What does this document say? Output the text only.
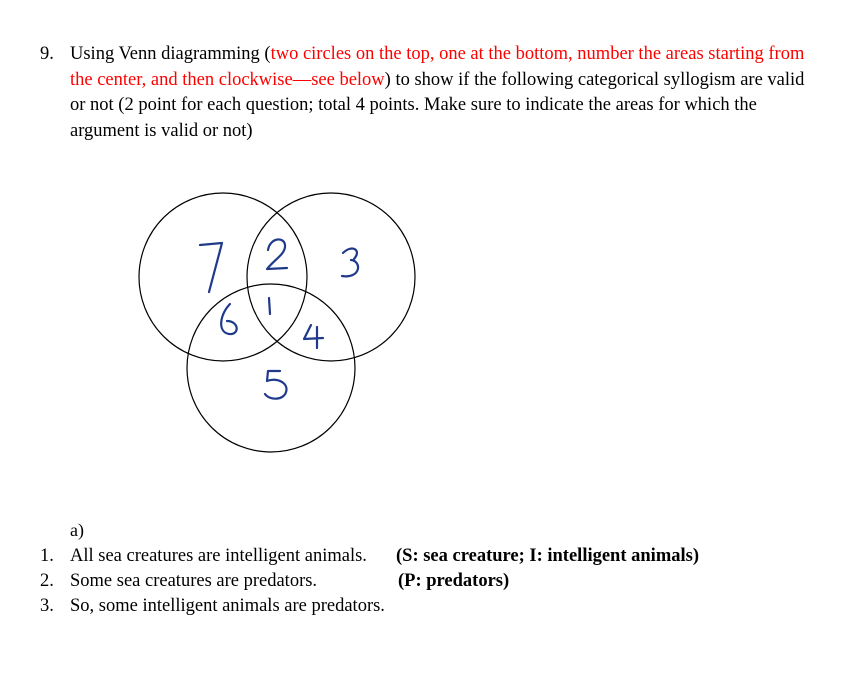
9. Using Venn diagramming (two circles on the top, one at the bottom, number the areas starting from the center, and then clockwise—see below) to show if the following categorical syllogism are valid or not (2 point for each question; total 4 points. Make sure to indicate the areas for which the argument is valid or not)
a)
1. All sea creatures are intelligent animals. (S: sea creature; I: intelligent animals)
2. Some sea creatures are predators.	(P: predators)
3. So, some intelligent animals are predators.
